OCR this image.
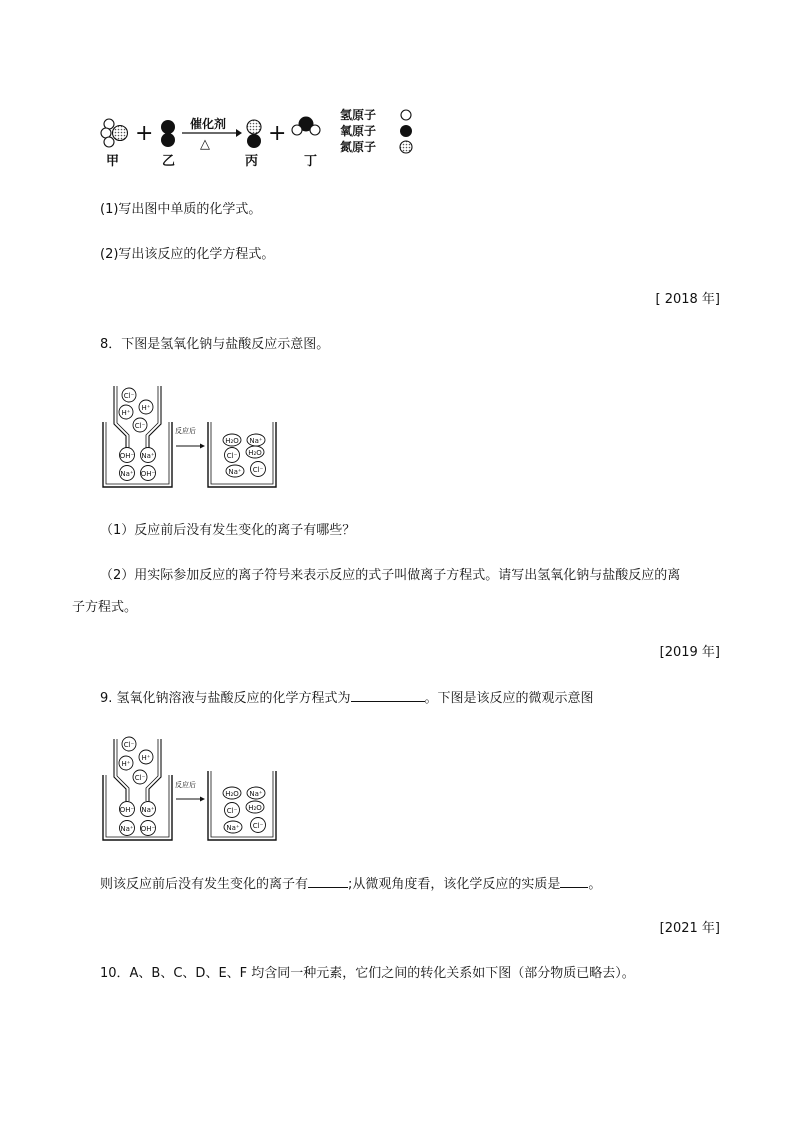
+	催化剂
△	+
甲	乙	丙	丁
氢原子
氧原子
氮原子
(1)写出图中单质的化学式。
(2)写出该反应的化学方程式。
[ 2018 年]
8．下图是氢氧化钠与盐酸反应示意图。
Cl⁻
H⁺
H⁺
Cl⁻
OH⁻ Na⁺
Na⁺ OH⁻
反应后
H₂O Na⁺
Cl⁻ H₂O
Na⁺ Cl⁻
（1）反应前后没有发生变化的离子有哪些？
（2）用实际参加反应的离子符号来表示反应的式子叫做离子方程式。请写出氢氧化钠与盐酸反应的离
子方程式。
[2019 年]
9. 氢氧化钠溶液与盐酸反应的化学方程式为	。下图是该反应的微观示意图
Cl⁻
H⁺
H⁺
Cl⁻
OH⁻ Na⁺
Na⁺ OH⁻
反应后
H₂O Na⁺
Cl⁻ H₂O
Na⁺ Cl⁻
则该反应前后没有发生变化的离子有	;从微观角度看，该化学反应的实质是 。
[2021 年]
10．A、B、C、D、E、F 均含同一种元素，它们之间的转化关系如下图（部分物质已略去）。
